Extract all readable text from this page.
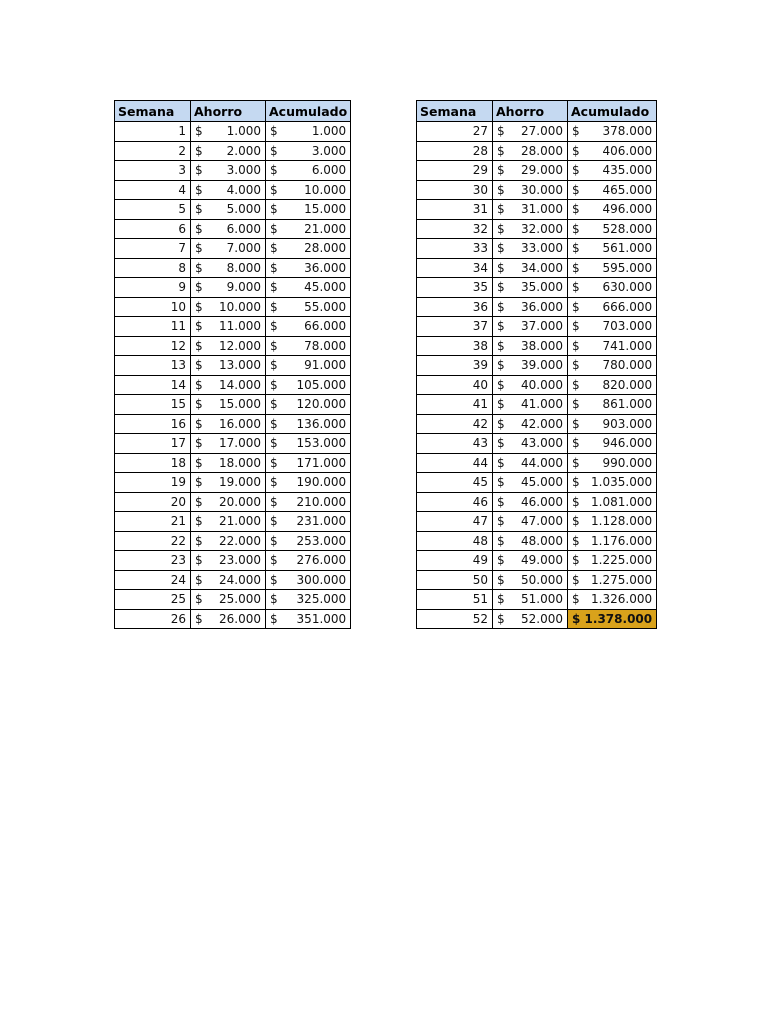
Semana	Ahorro	Acumulado
1	$ 1.000	$ 1.000

2	$ 2.000	$ 3.000

3	$ 3.000	$ 6.000

4	$ 4.000	$ 10.000

5	$ 5.000	$ 15.000

6	$ 6.000	$ 21.000

7	$ 7.000	$ 28.000

8	$ 8.000	$ 36.000

9	$ 9.000	$ 45.000

10	$ 10.000	$ 55.000

11	$ 11.000	$ 66.000

12	$ 12.000	$ 78.000

13	$ 13.000	$ 91.000

14	$ 14.000	$ 105.000

15	$ 15.000	$ 120.000

16	$ 16.000	$ 136.000

17	$ 17.000	$ 153.000

18	$ 18.000	$ 171.000

19	$ 19.000	$ 190.000

20	$ 20.000	$ 210.000

21	$ 21.000	$ 231.000

22	$ 22.000	$ 253.000

23	$ 23.000	$ 276.000

24	$ 24.000	$ 300.000

25	$ 25.000	$ 325.000

26	$ 26.000	$ 351.000
Semana	Ahorro	Acumulado
27	$ 27.000	$ 378.000

28	$ 28.000	$ 406.000

29	$ 29.000	$ 435.000

30	$ 30.000	$ 465.000

31	$ 31.000	$ 496.000

32	$ 32.000	$ 528.000

33	$ 33.000	$ 561.000

34	$ 34.000	$ 595.000

35	$ 35.000	$ 630.000

36	$ 36.000	$ 666.000

37	$ 37.000	$ 703.000

38	$ 38.000	$ 741.000

39	$ 39.000	$ 780.000

40	$ 40.000	$ 820.000

41	$ 41.000	$ 861.000

42	$ 42.000	$ 903.000

43	$ 43.000	$ 946.000

44	$ 44.000	$ 990.000

45	$ 45.000	$ 1.035.000

46	$ 46.000	$ 1.081.000

47	$ 47.000	$ 1.128.000

48	$ 48.000	$ 1.176.000

49	$ 49.000	$ 1.225.000

50	$ 50.000	$ 1.275.000

51	$ 51.000	$ 1.326.000

52	$ 52.000	$ 1.378.000
